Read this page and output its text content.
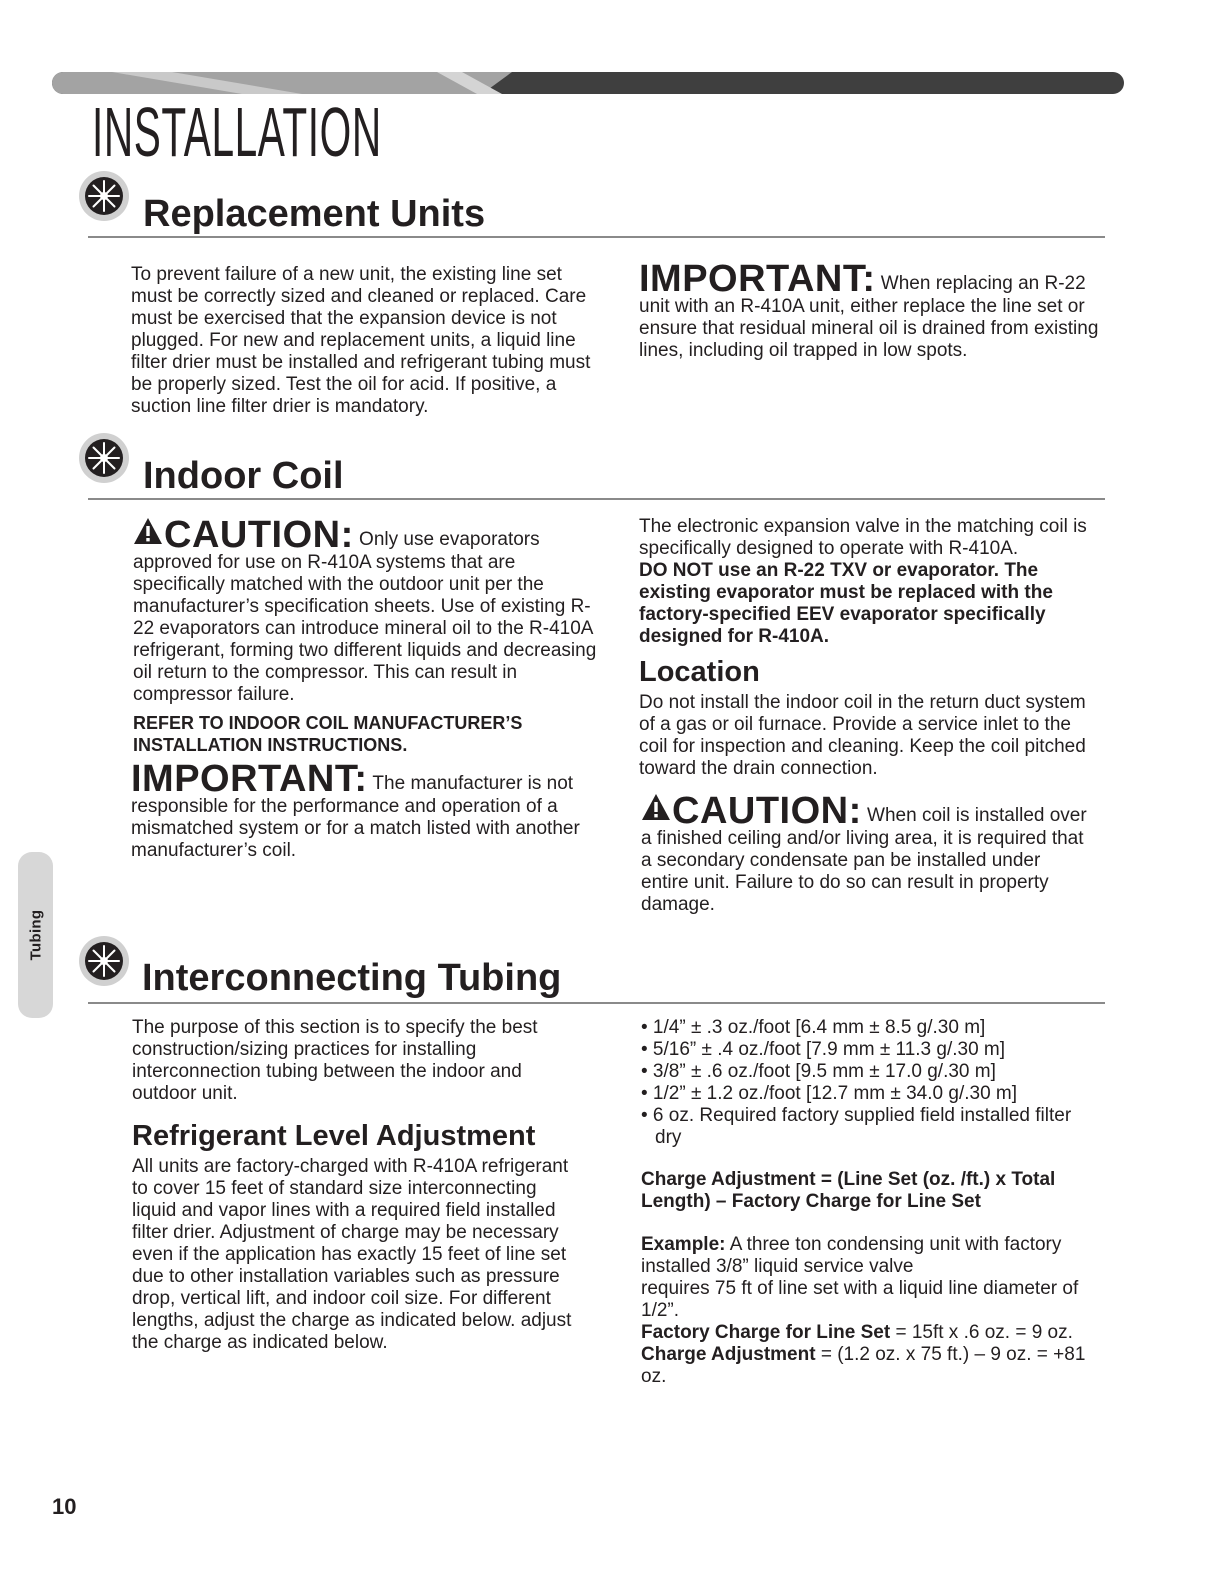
INSTALLATION
Replacement Units

To prevent failure of a new unit, the existing line set must be correctly sized and cleaned or replaced. Care must be exercised that the expansion device is not plugged. For new and replacement units, a liquid line filter drier must be installed and refrigerant tubing must be properly sized. Test the oil for acid. If positive, a suction line filter drier is mandatory.

IMPORTANT: When replacing an R-22 unit with an R-410A unit, either replace the line set or ensure that residual mineral oil is drained from existing lines, including oil trapped in low spots.

Indoor Coil

CAUTION: Only use evaporators approved for use on R-410A systems that are specifically matched with the outdoor unit per the manufacturer’s specification sheets. Use of existing R-22 evaporators can introduce mineral oil to the R-410A refrigerant, forming two different liquids and decreasing oil return to the compressor. This can result in compressor failure.

REFER TO INDOOR COIL MANUFACTURER’S

INSTALLATION INSTRUCTIONS.

IMPORTANT: The manufacturer is not responsible for the performance and operation of a mismatched system or for a match listed with another manufacturer’s coil.

The electronic expansion valve in the matching coil is specifically designed to operate with R-410A.

DO NOT use an R-22 TXV or evaporator. The existing evaporator must be replaced with the factory-specified EEV evaporator specifically designed for R-410A.

Location
Do not install the indoor coil in the return duct system of a gas or oil furnace. Provide a service inlet to the coil for inspection and cleaning. Keep the coil pitched toward the drain connection.

CAUTION: When coil is installed over a finished ceiling and/or living area, it is required that a secondary condensate pan be installed under entire unit. Failure to do so can result in property damage.

Tubing
Interconnecting Tubing
The purpose of this section is to specify the best construction/sizing practices for installing interconnection tubing between the indoor and outdoor unit.
Refrigerant Level Adjustment
All units are factory-charged with R-410A refrigerant to cover 15 feet of standard size interconnecting liquid and vapor lines with a required field installed filter drier. Adjustment of charge may be necessary even if the application has exactly 15 feet of line set due to other installation variables such as pressure drop, vertical lift, and indoor coil size. For different lengths, adjust the charge as indicated below. adjust the charge as indicated below.
• 1/4” ± .3 oz./foot [6.4 mm ± 8.5 g/.30 m]
• 5/16” ± .4 oz./foot [7.9 mm ± 11.3 g/.30 m]
• 3/8” ± .6 oz./foot [9.5 mm ± 17.0 g/.30 m]
• 1/2” ± 1.2 oz./foot [12.7 mm ± 34.0 g/.30 m]
• 6 oz. Required factory supplied field installed filter dry
Charge Adjustment = (Line Set (oz. /ft.) x Total Length) – Factory Charge for Line Set

Example: A three ton condensing unit with factory installed 3/8” liquid service valve

requires 75 ft of line set with a liquid line diameter of 1/2”.

Factory Charge for Line Set = 15ft x .6 oz. = 9 oz.

Charge Adjustment = (1.2 oz. x 75 ft.) – 9 oz. = +81 oz.

10
